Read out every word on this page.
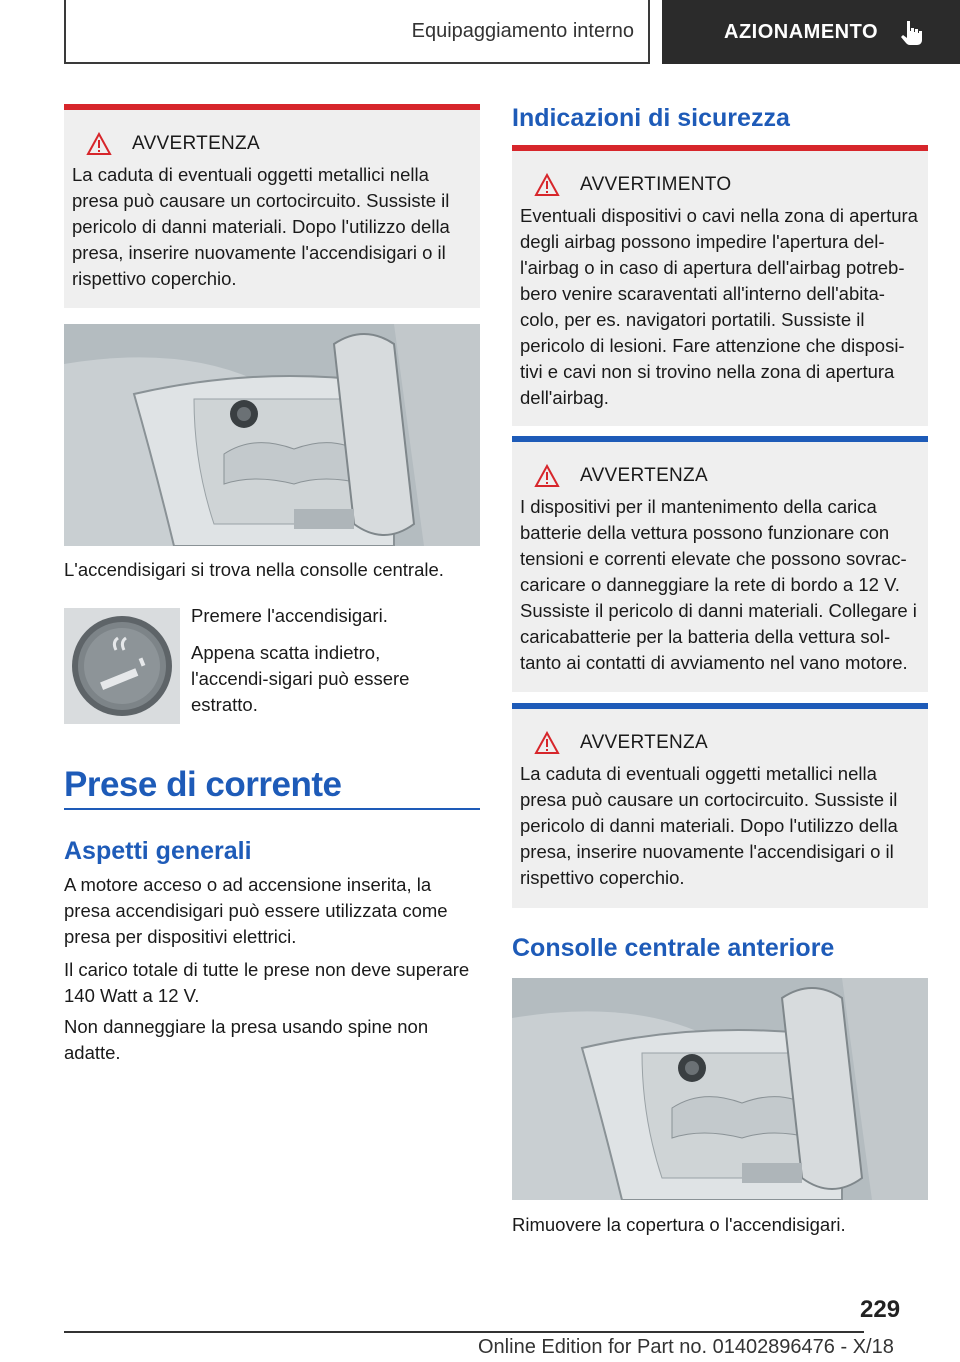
Equipaggiamento interno	AZIONAMENTO
AVVERTENZA

La caduta di eventuali oggetti metallici nella presa può causare un cortocircuito. Sussiste il pericolo di danni materiali. Dopo l'utilizzo della presa, inserire nuovamente l'accendisigari o il rispettivo coperchio.

L'accendisigari si trova nella consolle centrale.
Premere l'accendisigari.
Appena scatta indietro, l'accendi-sigari può essere estratto.
Prese di corrente
Aspetti generali
A motore acceso o ad accensione inserita, la presa accendisigari può essere utilizzata come presa per dispositivi elettrici.
Il carico totale di tutte le prese non deve superare 140 Watt a 12 V.
Non danneggiare la presa usando spine non adatte.
Indicazioni di sicurezza
AVVERTIMENTO

Eventuali dispositivi o cavi nella zona di apertura degli airbag possono impedire l'apertura del-l'airbag o in caso di apertura dell'airbag potreb-bero venire scaraventati all'interno dell'abita-colo, per es. navigatori portatili. Sussiste il pericolo di lesioni. Fare attenzione che disposi-tivi e cavi non si trovino nella zona di apertura dell'airbag.

AVVERTENZA

I dispositivi per il mantenimento della carica batterie della vettura possono funzionare con tensioni e correnti elevate che possono sovrac-caricare o danneggiare la rete di bordo a 12 V. Sussiste il pericolo di danni materiali. Collegare i caricabatterie per la batteria della vettura sol-tanto ai contatti di avviamento nel vano motore.

AVVERTENZA

La caduta di eventuali oggetti metallici nella presa può causare un cortocircuito. Sussiste il pericolo di danni materiali. Dopo l'utilizzo della presa, inserire nuovamente l'accendisigari o il rispettivo coperchio.

Consolle centrale anteriore
Rimuovere la copertura o l'accendisigari.
229
Online Edition for Part no. 01402896476 - X/18
